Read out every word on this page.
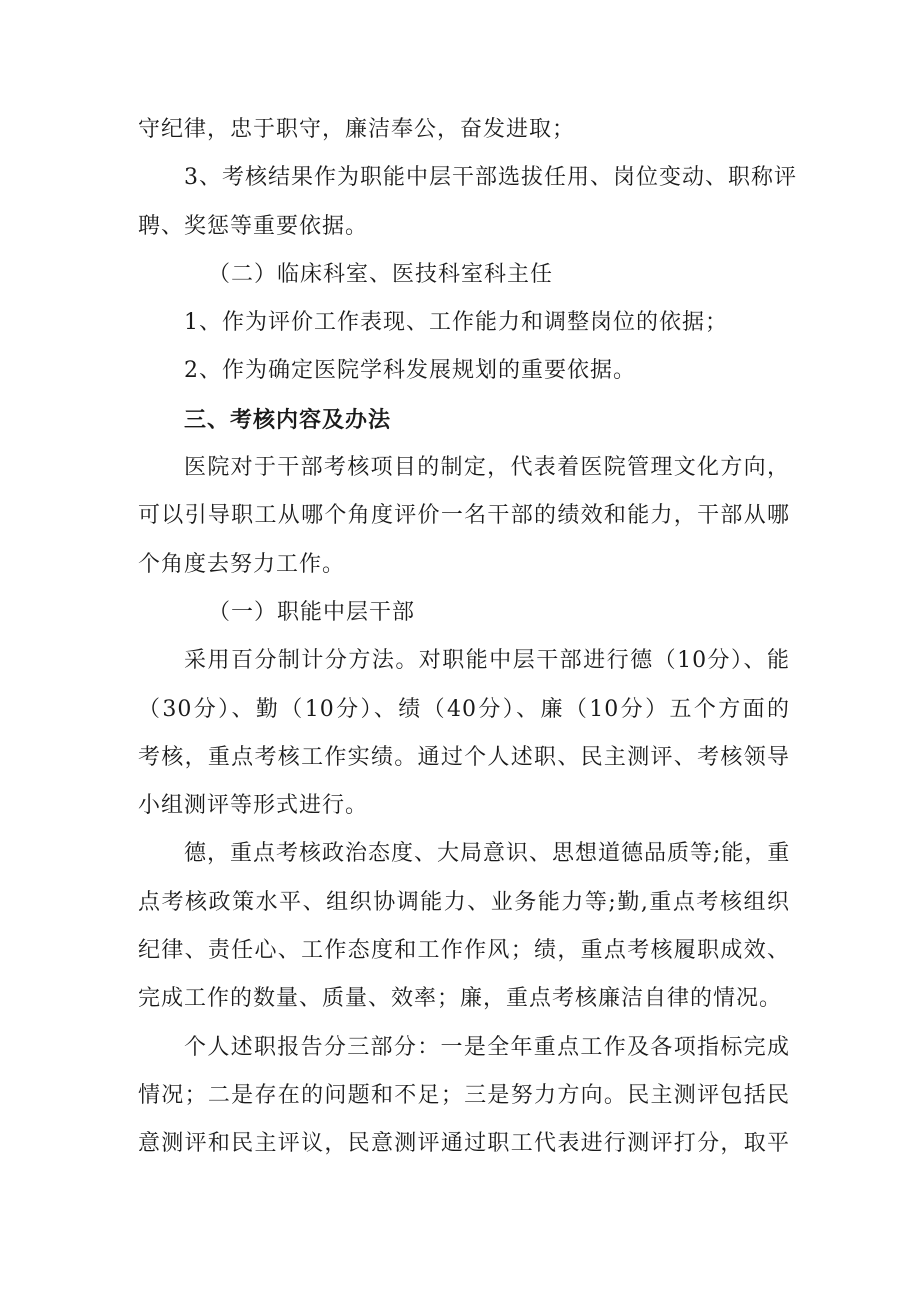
守纪律，忠于职守，廉洁奉公，奋发进取；
3、考核结果作为职能中层干部选拔任用、岗位变动、职称评
聘、奖惩等重要依据。
（二）临床科室、医技科室科主任
1、作为评价工作表现、工作能力和调整岗位的依据；
2、作为确定医院学科发展规划的重要依据。
三、考核内容及办法
医院对于干部考核项目的制定，代表着医院管理文化方向，
可以引导职工从哪个角度评价一名干部的绩效和能力，干部从哪
个角度去努力工作。
（一）职能中层干部
采用百分制计分方法。对职能中层干部进行德（10分）、能
（30分）、勤（10分）、绩（40分）、廉（10分）五个方面的
考核，重点考核工作实绩。通过个人述职、民主测评、考核领导
小组测评等形式进行。
德，重点考核政治态度、大局意识、思想道德品质等;能，重
点考核政策水平、组织协调能力、业务能力等;勤,重点考核组织
纪律、责任心、工作态度和工作作风；绩，重点考核履职成效、
完成工作的数量、质量、效率；廉，重点考核廉洁自律的情况。
个人述职报告分三部分：一是全年重点工作及各项指标完成
情况；二是存在的问题和不足；三是努力方向。民主测评包括民
意测评和民主评议，民意测评通过职工代表进行测评打分，取平
